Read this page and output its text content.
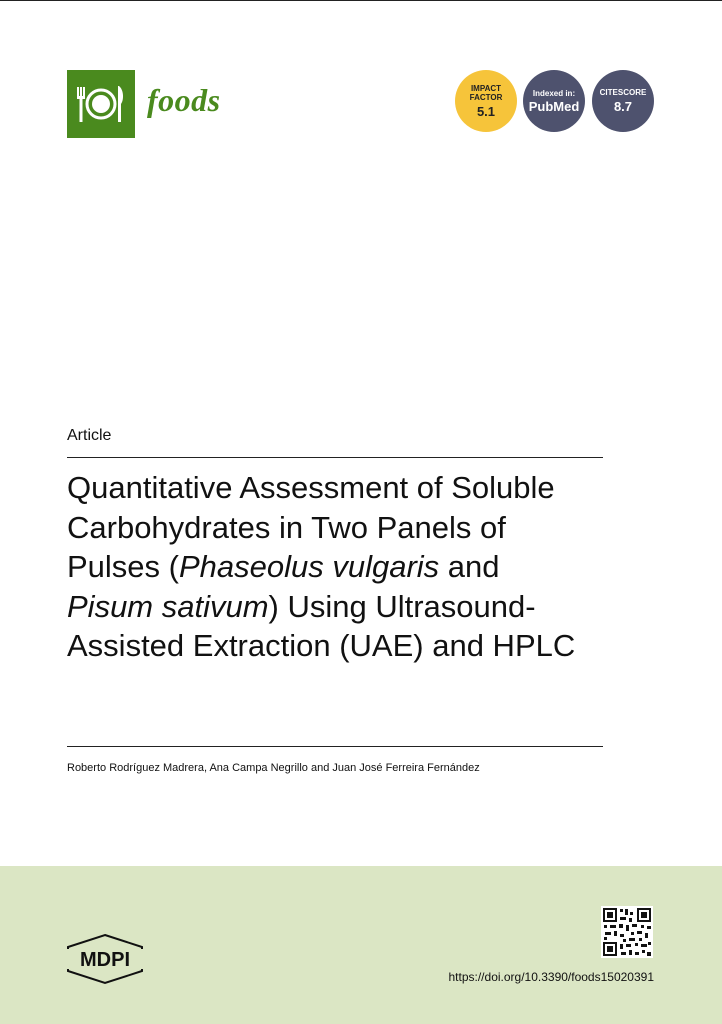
foods	IMPACT
FACTOR
5.1
Indexed in:
PubMed
CITESCORE
8.7
Article
Quantitative Assessment of Soluble Carbohydrates in Two Panels of Pulses (Phaseolus vulgaris and
Pisum sativum) Using Ultrasound-Assisted Extraction (UAE) and HPLC
Roberto Rodríguez Madrera, Ana Campa Negrillo and Juan José Ferreira Fernández
MDPI
https://doi.org/10.3390/foods15020391
